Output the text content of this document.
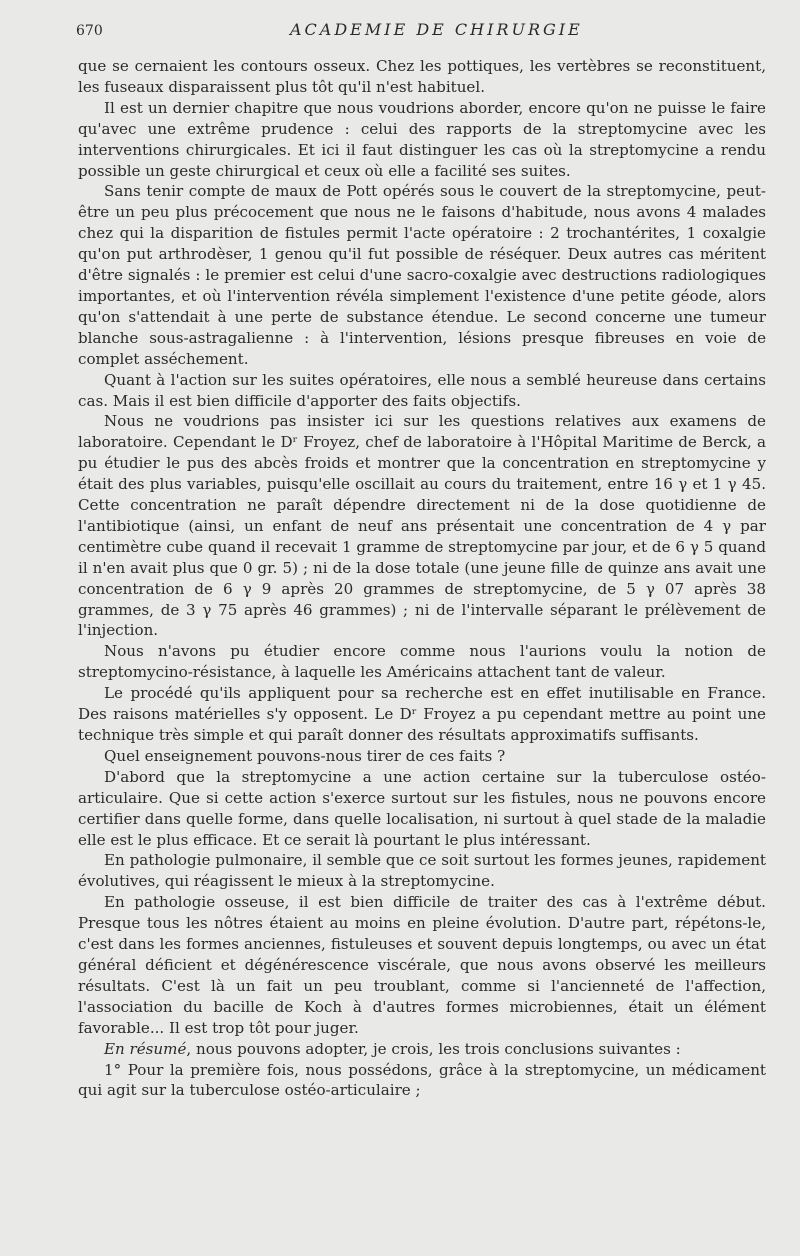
670	ACADEMIE DE CHIRURGIE

que se cernaient les contours osseux. Chez les pottiques, les vertèbres se reconstituent, les fuseaux disparaissent plus tôt qu'il n'est habituel.

Il est un dernier chapitre que nous voudrions aborder, encore qu'on ne puisse le faire qu'avec une extrême prudence : celui des rapports de la streptomycine avec les interventions chirurgicales. Et ici il faut distinguer les cas où la streptomycine a rendu possible un geste chirurgical et ceux où elle a facilité ses suites.

Sans tenir compte de maux de Pott opérés sous le couvert de la streptomycine, peut-être un peu plus précocement que nous ne le faisons d'habitude, nous avons 4 malades chez qui la disparition de fistules permit l'acte opératoire : 2 trochantérites, 1 coxalgie qu'on put arthrodèser, 1 genou qu'il fut possible de réséquer. Deux autres cas méritent d'être signalés : le premier est celui d'une sacro-coxalgie avec destructions radiologiques importantes, et où l'intervention révéla simplement l'existence d'une petite géode, alors qu'on s'attendait à une perte de substance étendue. Le second concerne une tumeur blanche sous-astragalienne : à l'intervention, lésions presque fibreuses en voie de complet asséchement.

Quant à l'action sur les suites opératoires, elle nous a semblé heureuse dans certains cas. Mais il est bien difficile d'apporter des faits objectifs.

Nous ne voudrions pas insister ici sur les questions relatives aux examens de laboratoire. Cependant le Dʳ Froyez, chef de laboratoire à l'Hôpital Maritime de Berck, a pu étudier le pus des abcès froids et montrer que la concentration en streptomycine y était des plus variables, puisqu'elle oscillait au cours du traitement, entre 16 γ et 1 γ 45. Cette concentration ne paraît dépendre directement ni de la dose quotidienne de l'antibiotique (ainsi, un enfant de neuf ans présentait une concentration de 4 γ par centimètre cube quand il recevait 1 gramme de streptomycine par jour, et de 6 γ 5 quand il n'en avait plus que 0 gr. 5) ; ni de la dose totale (une jeune fille de quinze ans avait une concentration de 6 γ 9 après 20 grammes de streptomycine, de 5 γ 07 après 38 grammes, de 3 γ 75 après 46 grammes) ; ni de l'intervalle séparant le prélèvement de l'injection.

Nous n'avons pu étudier encore comme nous l'aurions voulu la notion de streptomycino-résistance, à laquelle les Américains attachent tant de valeur.

Le procédé qu'ils appliquent pour sa recherche est en effet inutilisable en France. Des raisons matérielles s'y opposent. Le Dʳ Froyez a pu cependant mettre au point une technique très simple et qui paraît donner des résultats approximatifs suffisants.

Quel enseignement pouvons-nous tirer de ces faits ?

D'abord que la streptomycine a une action certaine sur la tuberculose ostéo-articulaire. Que si cette action s'exerce surtout sur les fistules, nous ne pouvons encore certifier dans quelle forme, dans quelle localisation, ni surtout à quel stade de la maladie elle est le plus efficace. Et ce serait là pourtant le plus intéressant.

En pathologie pulmonaire, il semble que ce soit surtout les formes jeunes, rapidement évolutives, qui réagissent le mieux à la streptomycine.

En pathologie osseuse, il est bien difficile de traiter des cas à l'extrême début. Presque tous les nôtres étaient au moins en pleine évolution. D'autre part, répétons-le, c'est dans les formes anciennes, fistuleuses et souvent depuis longtemps, ou avec un état général déficient et dégénérescence viscérale, que nous avons observé les meilleurs résultats. C'est là un fait un peu troublant, comme si l'ancienneté de l'affection, l'association du bacille de Koch à d'autres formes microbiennes, était un élément favorable... Il est trop tôt pour juger.

En résumé, nous pouvons adopter, je crois, les trois conclusions suivantes :

1° Pour la première fois, nous possédons, grâce à la streptomycine, un médicament qui agit sur la tuberculose ostéo-articulaire ;
